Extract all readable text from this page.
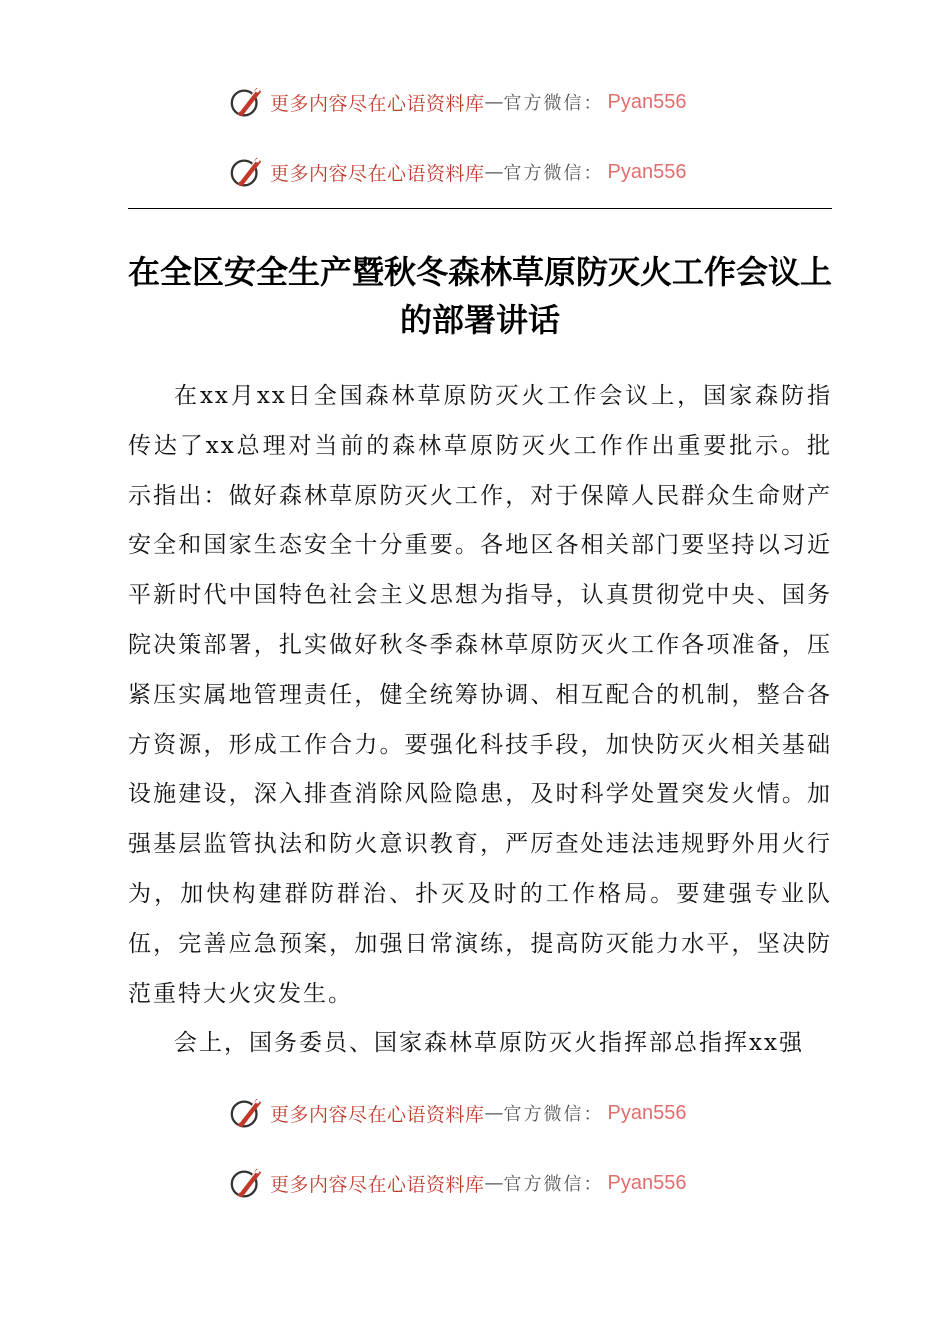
更多内容尽在心语资料库 — 官方微信： Pyan556
更多内容尽在心语资料库 — 官方微信： Pyan556
在全区安全生产暨秋冬森林草原防灭火工作会议上的部署讲话

在xx月xx日全国森林草原防灭火工作会议上，国家森防指传达了xx总理对当前的森林草原防灭火工作作出重要批示。批示指出：做好森林草原防灭火工作，对于保障人民群众生命财产安全和国家生态安全十分重要。各地区各相关部门要坚持以习近平新时代中国特色社会主义思想为指导，认真贯彻党中央、国务院决策部署，扎实做好秋冬季森林草原防灭火工作各项准备，压紧压实属地管理责任，健全统筹协调、相互配合的机制，整合各方资源，形成工作合力。要强化科技手段，加快防灭火相关基础设施建设，深入排查消除风险隐患，及时科学处置突发火情。加强基层监管执法和防火意识教育，严厉查处违法违规野外用火行为，加快构建群防群治、扑灭及时的工作格局。要建强专业队伍，完善应急预案，加强日常演练，提高防灭能力水平，坚决防范重特大火灾发生。

会上，国务委员、国家森林草原防灭火指挥部总指挥xx强

更多内容尽在心语资料库 — 官方微信： Pyan556
更多内容尽在心语资料库 — 官方微信： Pyan556
